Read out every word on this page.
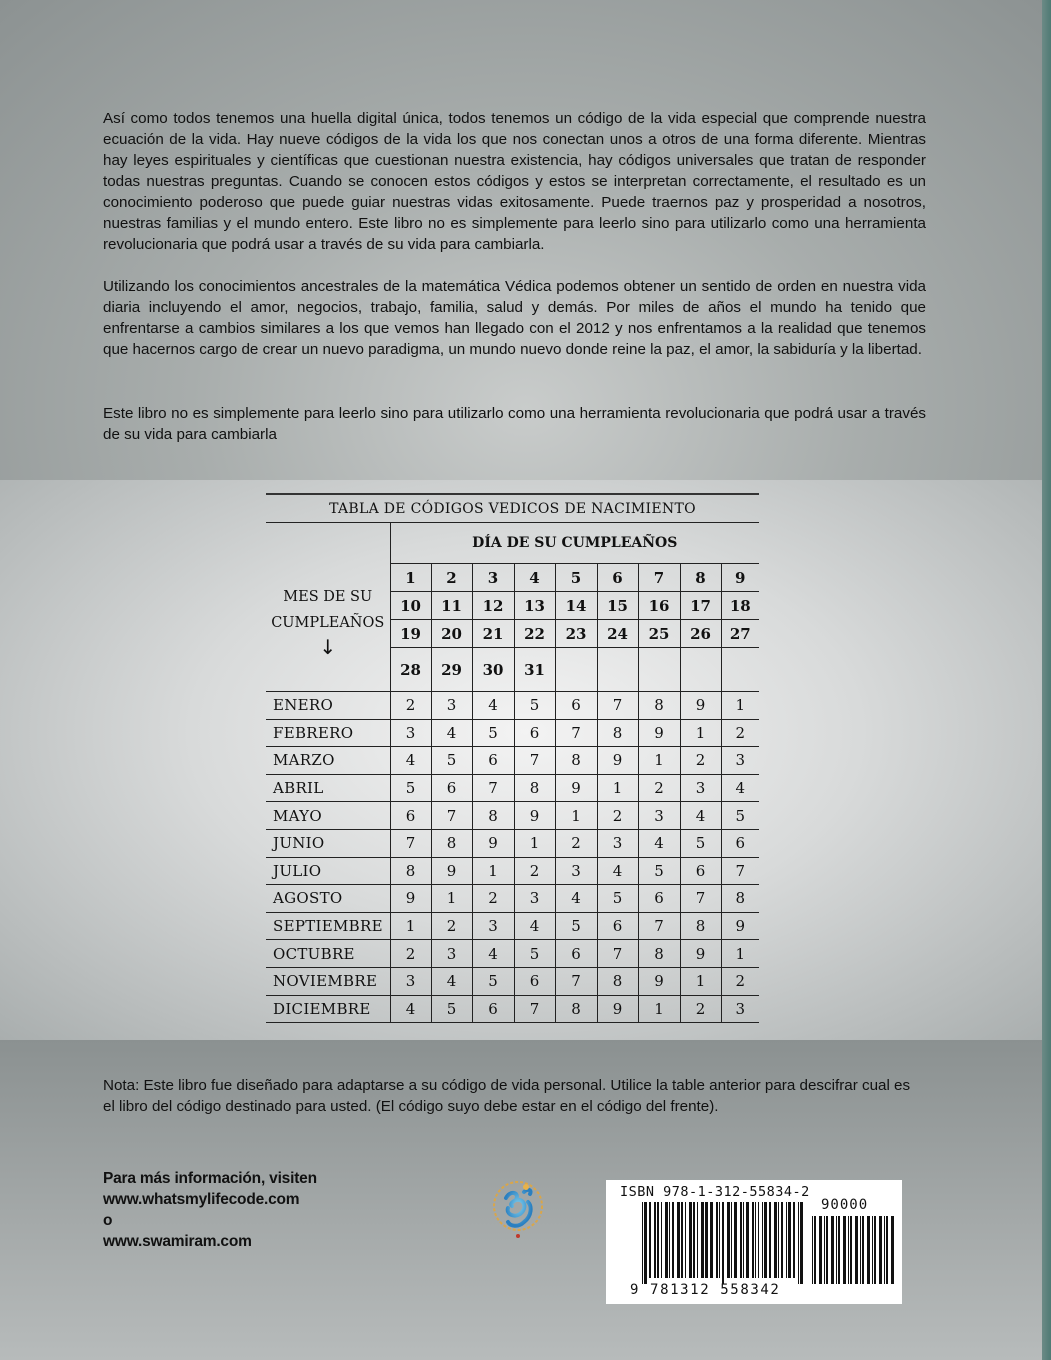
Así como todos tenemos una huella digital única, todos tenemos un código de la vida especial que comprende nuestra ecuación de la vida. Hay nueve códigos de la vida los que nos conectan unos a otros de una forma diferente. Mientras hay leyes espirituales y científicas que cuestionan nuestra existencia, hay códigos universales que tratan de responder todas nuestras preguntas. Cuando se conocen estos códigos y estos se interpretan correctamente, el resultado es un conocimiento poderoso que puede guiar nuestras vidas exitosamente. Puede traernos paz y prosperidad a nosotros, nuestras familias y el mundo entero. Este libro no es simplemente para leerlo sino para utilizarlo como una herramienta revolucionaria que podrá usar a través de su vida para cambiarla.

Utilizando los conocimientos ancestrales de la matemática Védica podemos obtener un sentido de orden en nuestra vida diaria incluyendo el amor, negocios, trabajo, familia, salud y demás. Por miles de años el mundo ha tenido que enfrentarse a cambios similares a los que vemos han llegado con el 2012 y nos enfrentamos a la realidad que tenemos que hacernos cargo de crear un nuevo paradigma, un mundo nuevo donde reine la paz, el amor, la sabiduría y la libertad.

Este libro no es simplemente para leerlo sino para utilizarlo como una herramienta revolucionaria que podrá usar a través de su vida para cambiarla

TABLA DE CÓDIGOS VEDICOS DE NACIMIENTO									
	DÍA DE SU CUMPLEAÑOS								
MES DE SU
CUMPLEAÑOS
↓	1	2	3	4	5	6	7	8	9
	10	11	12	13	14	15	16	17	18
	19	20	21	22	23	24	25	26	27
	28	29	30	31					
ENERO	2	3	4	5	6	7	8	9	1
FEBRERO	3	4	5	6	7	8	9	1	2
MARZO	4	5	6	7	8	9	1	2	3
ABRIL	5	6	7	8	9	1	2	3	4
MAYO	6	7	8	9	1	2	3	4	5
JUNIO	7	8	9	1	2	3	4	5	6
JULIO	8	9	1	2	3	4	5	6	7
AGOSTO	9	1	2	3	4	5	6	7	8
SEPTIEMBRE	1	2	3	4	5	6	7	8	9
OCTUBRE	2	3	4	5	6	7	8	9	1
NOVIEMBRE	3	4	5	6	7	8	9	1	2
DICIEMBRE	4	5	6	7	8	9	1	2	3

Nota: Este libro fue diseñado para adaptarse a su código de vida personal. Utilice la table anterior para descifrar cual es el libro del código destinado para usted. (El código suyo debe estar en el código del frente).

Para más información, visiten
www.whatsmylifecode.com
o
www.swamiram.com
ISBN 978-1-312-55834-2
90000
9 781312 558342
